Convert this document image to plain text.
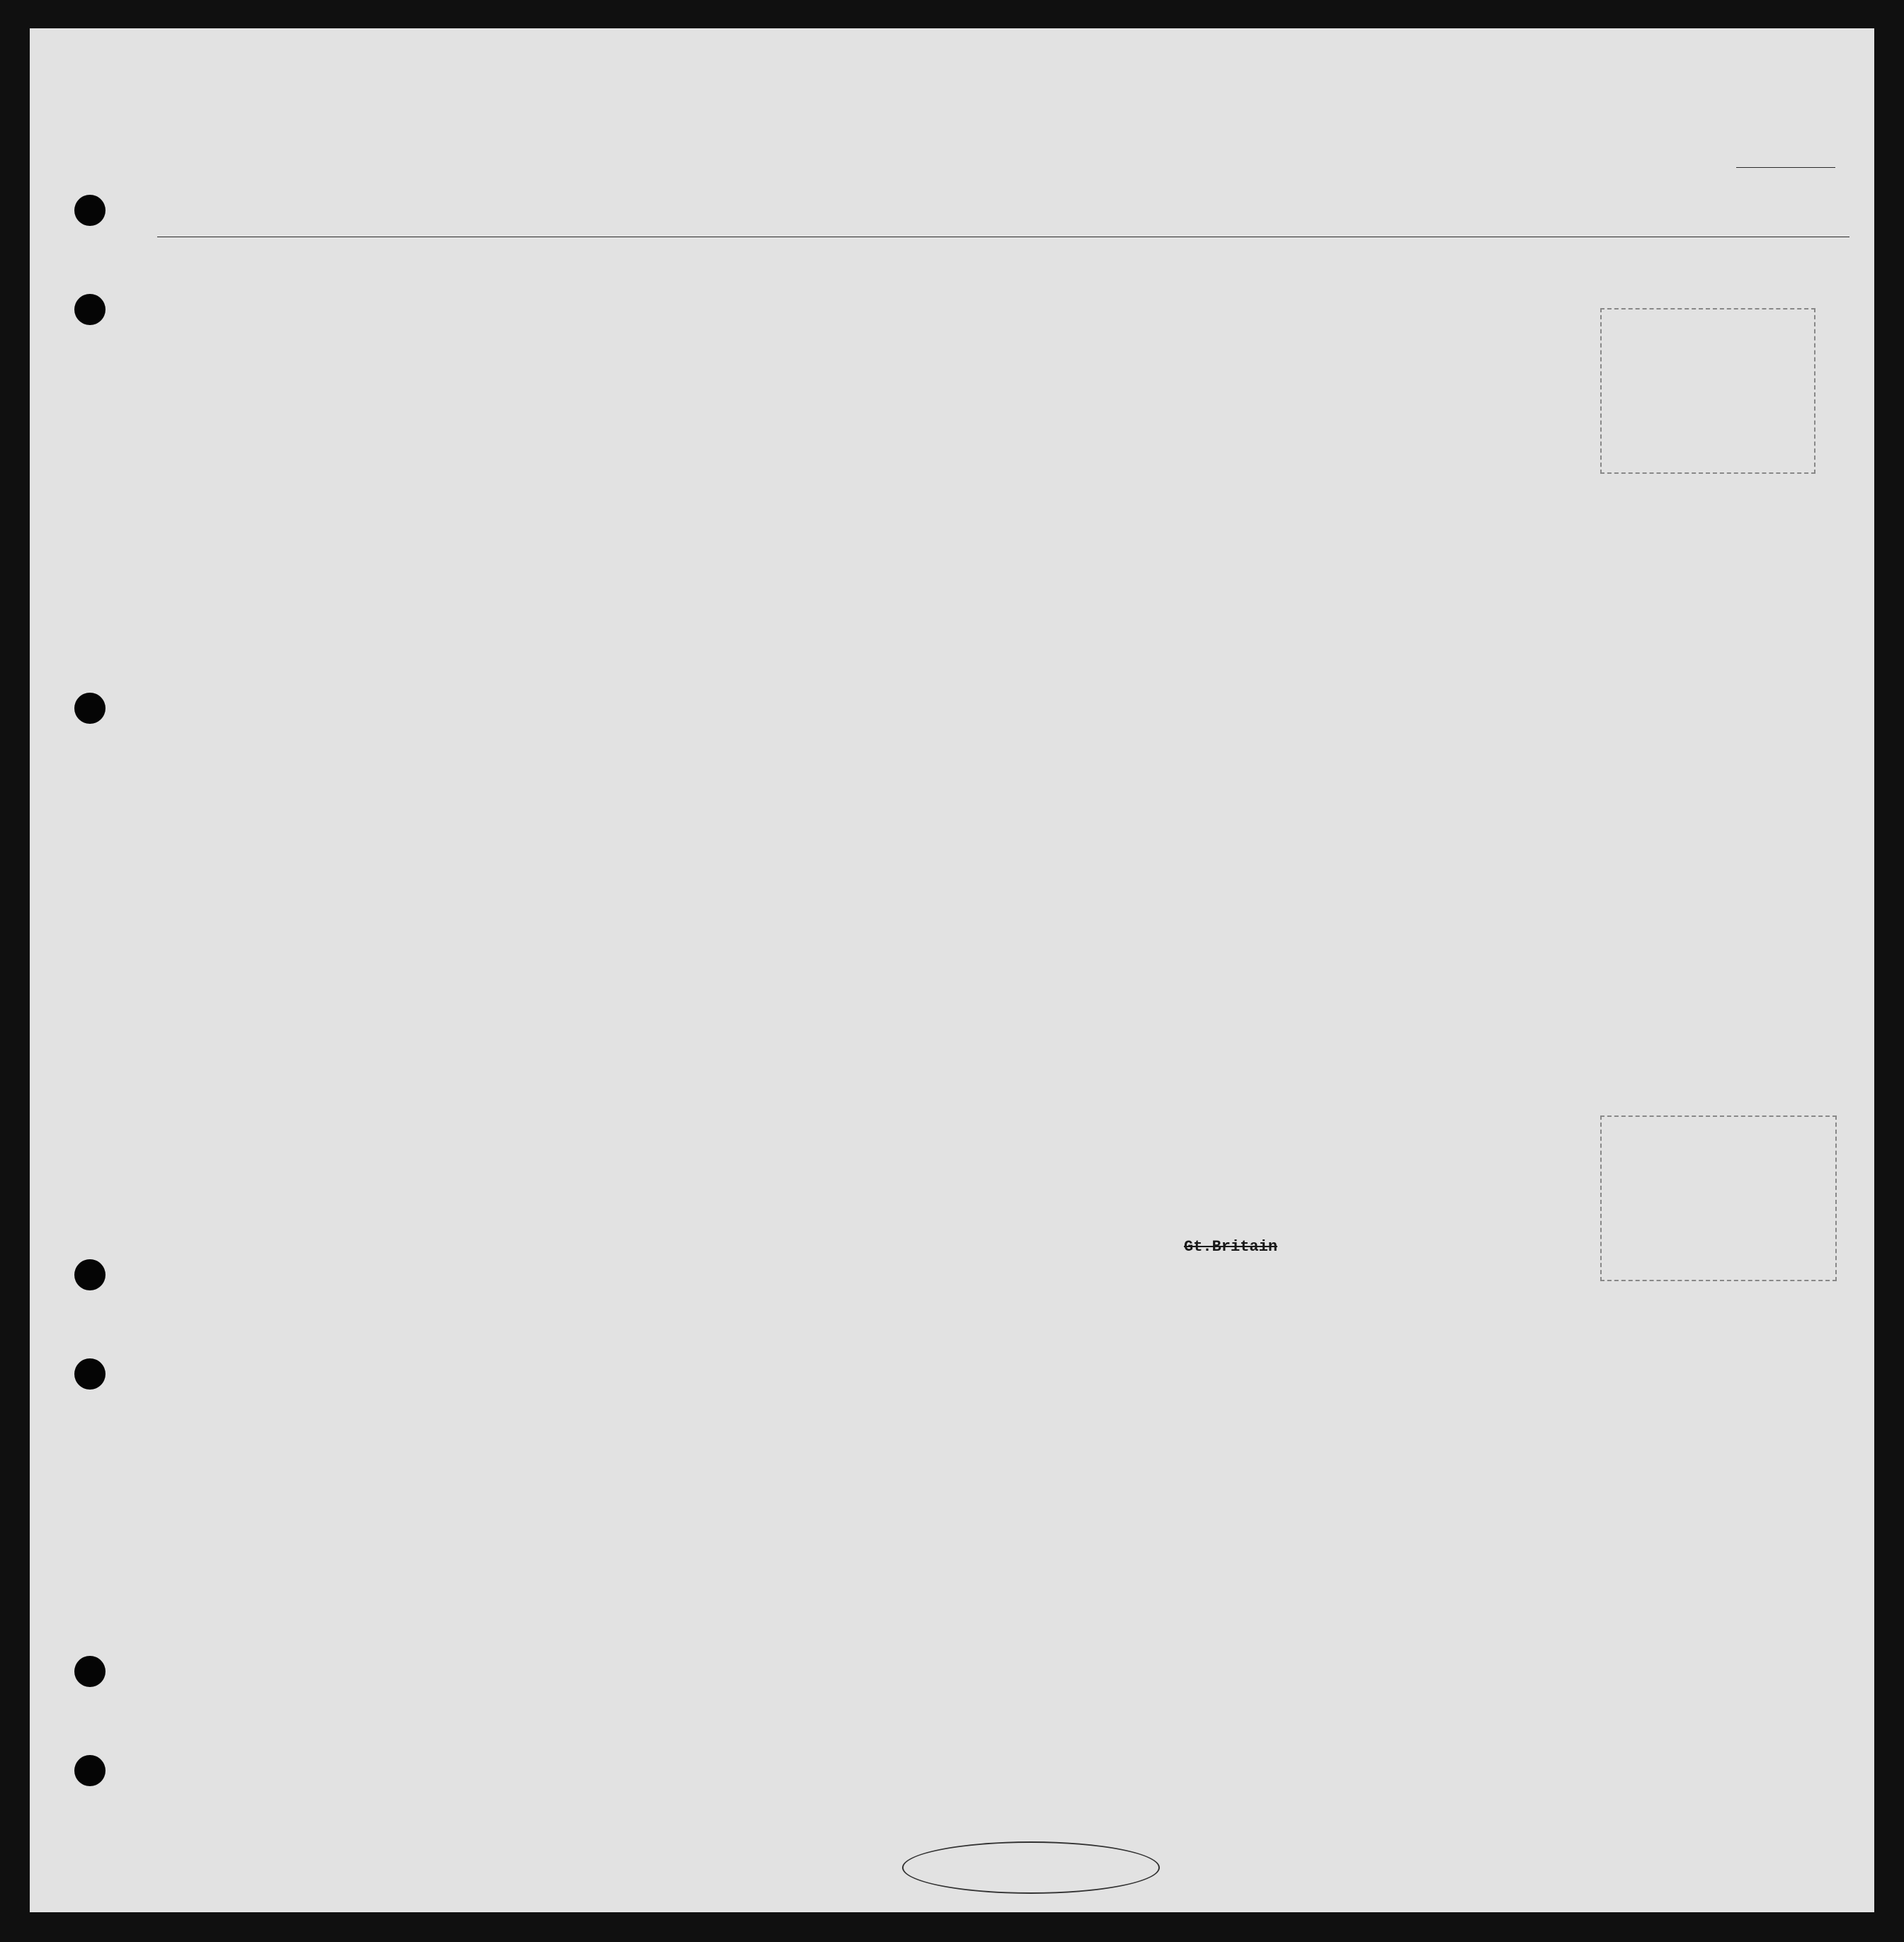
Gt.Britain
